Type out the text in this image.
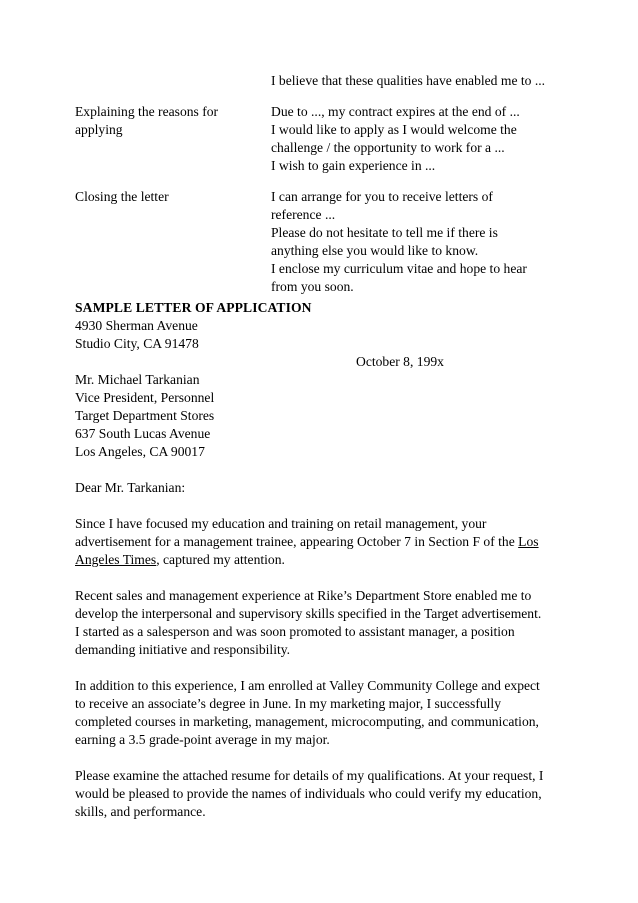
I believe that these qualities have enabled me to ...
Explaining the reasons for
applying
Due to ..., my contract expires at the end of ...
I would like to apply as I would welcome the
challenge / the opportunity to work for a ...
I wish to gain experience in ...
Closing the letter	I can arrange for you to receive letters of
reference ...
Please do not hesitate to tell me if there is
anything else you would like to know.
I enclose my curriculum vitae and hope to hear
from you soon.
SAMPLE LETTER OF APPLICATION
4930 Sherman Avenue
Studio City, CA 91478
October 8, 199x
Mr. Michael Tarkanian
Vice President, Personnel
Target Department Stores
637 South Lucas Avenue
Los Angeles, CA 90017
Dear Mr. Tarkanian:
Since I have focused my education and training on retail management, your
advertisement for a management trainee, appearing October 7 in Section F of the Los
Angeles Times, captured my attention.
Recent sales and management experience at Rike’s Department Store enabled me to
develop the interpersonal and supervisory skills specified in the Target advertisement.
I started as a salesperson and was soon promoted to assistant manager, a position
demanding initiative and responsibility.
In addition to this experience, I am enrolled at Valley Community College and expect
to receive an associate’s degree in June. In my marketing major, I successfully
completed courses in marketing, management, microcomputing, and communication,
earning a 3.5 grade-point average in my major.
Please examine the attached resume for details of my qualifications. At your request, I
would be pleased to provide the names of individuals who could verify my education,
skills, and performance.
